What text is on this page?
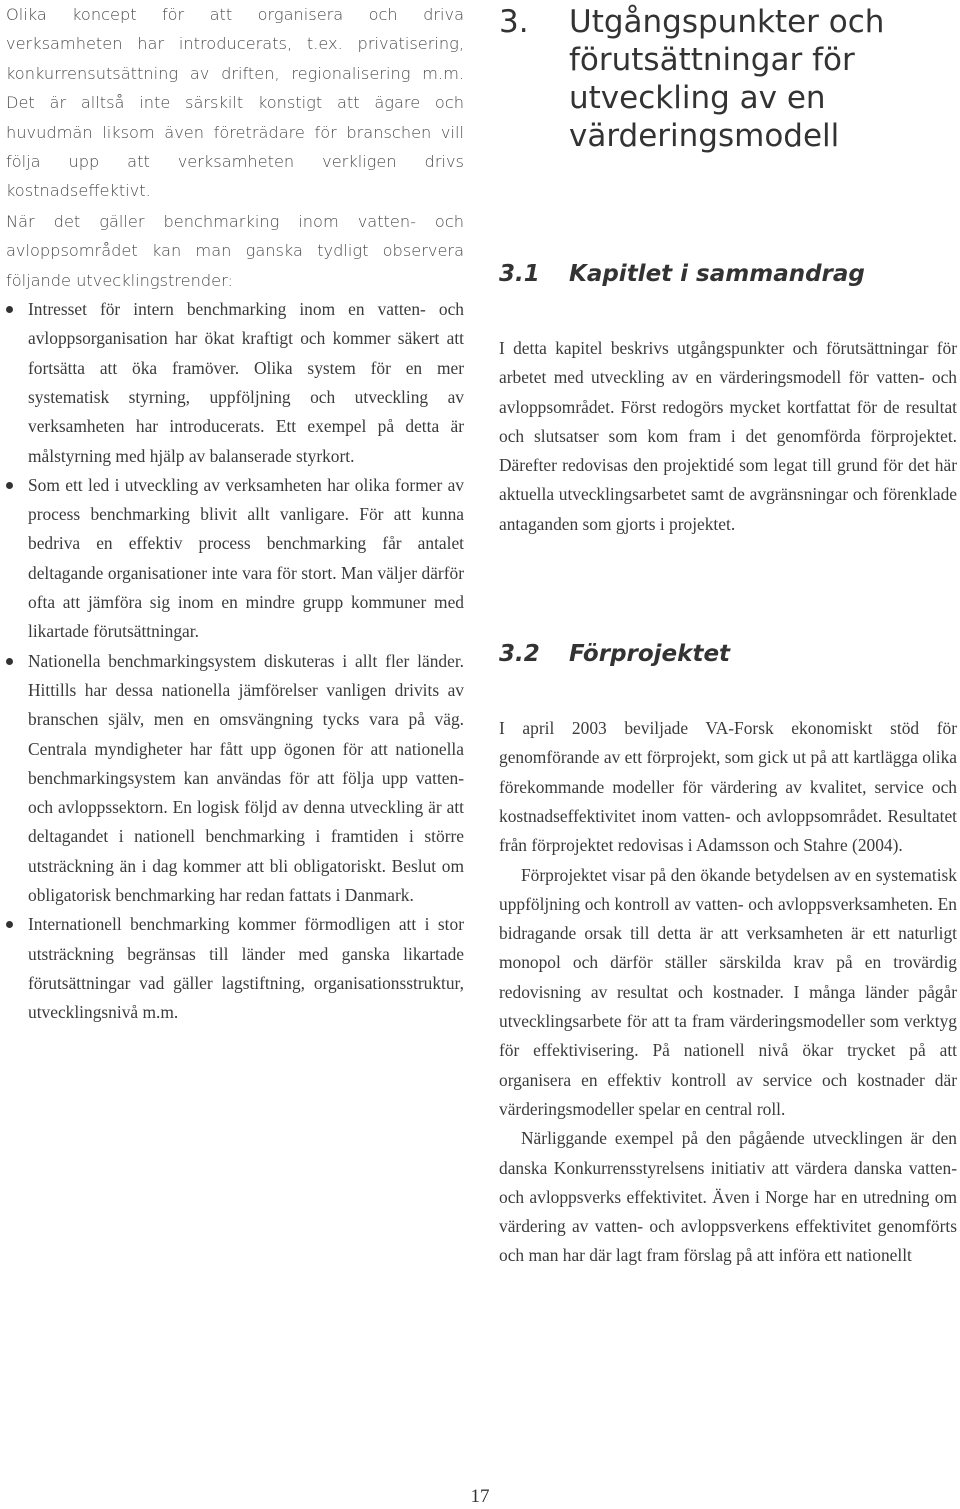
Olika koncept för att organisera och driva verksamheten har introducerats, t.ex. privatisering, konkurrensutsättning av driften, regionalisering m.m. Det är alltså inte särskilt konstigt att ägare och huvudmän liksom även företrädare för branschen vill följa upp att verksamheten verkligen drivs kostnadseffektivt.

När det gäller benchmarking inom vatten- och avloppsområdet kan man ganska tydligt observera följande utvecklingstrender:

Intresset för intern benchmarking inom en vatten- och avloppsorganisation har ökat kraftigt och kommer säkert att fortsätta att öka framöver. Olika system för en mer systematisk styrning, uppföljning och utveckling av verksamheten har introducerats. Ett exempel på detta är målstyrning med hjälp av balanserade styrkort.
Som ett led i utveckling av verksamheten har olika former av process benchmarking blivit allt vanligare. För att kunna bedriva en effektiv process benchmarking får antalet deltagande organisationer inte vara för stort. Man väljer därför ofta att jämföra sig inom en mindre grupp kommuner med likartade förutsättningar.
Nationella benchmarkingsystem diskuteras i allt fler länder. Hittills har dessa nationella jämförelser vanligen drivits av branschen själv, men en omsvängning tycks vara på väg. Centrala myndigheter har fått upp ögonen för att nationella benchmarkingsystem kan användas för att följa upp vatten- och avloppssektorn. En logisk följd av denna utveckling är att deltagandet i nationell benchmarking i framtiden i större utsträckning än i dag kommer att bli obligatoriskt. Beslut om obligatorisk benchmarking har redan fattats i Danmark.
Internationell benchmarking kommer förmodligen att i stor utsträckning begränsas till länder med ganska likartade förutsättningar vad gäller lagstiftning, organisationsstruktur, utvecklingsnivå m.m.
3. Utgångspunkter och förutsättningar för utveckling av en värderingsmodell
3.1 Kapitlet i sammandrag

I detta kapitel beskrivs utgångspunkter och förutsättningar för arbetet med utveckling av en värderingsmodell för vatten- och avloppsområdet. Först redogörs mycket kortfattat för de resultat och slutsatser som kom fram i det genomförda förprojektet. Därefter redovisas den projektidé som legat till grund för det här aktuella utvecklingsarbetet samt de avgränsningar och förenklade antaganden som gjorts i projektet.

3.2 Förprojektet

I april 2003 beviljade VA-Forsk ekonomiskt stöd för genomförande av ett förprojekt, som gick ut på att kartlägga olika förekommande modeller för värdering av kvalitet, service och kostnadseffektivitet inom vatten- och avloppsområdet. Resultatet från förprojektet redovisas i Adamsson och Stahre (2004).

Förprojektet visar på den ökande betydelsen av en systematisk uppföljning och kontroll av vatten- och avloppsverksamheten. En bidragande orsak till detta är att verksamheten är ett naturligt monopol och därför ställer särskilda krav på en trovärdig redovisning av resultat och kostnader. I många länder pågår utvecklingsarbete för att ta fram värderingsmodeller som verktyg för effektivisering. På nationell nivå ökar trycket på att organisera en effektiv kontroll av service och kostnader där värderingsmodeller spelar en central roll.

Närliggande exempel på den pågående utvecklingen är den danska Konkurrensstyrelsens initiativ att värdera danska vatten- och avloppsverks effektivitet. Även i Norge har en utredning om värdering av vatten- och avloppsverkens effektivitet genomförts och man har där lagt fram förslag på att införa ett nationellt

17
